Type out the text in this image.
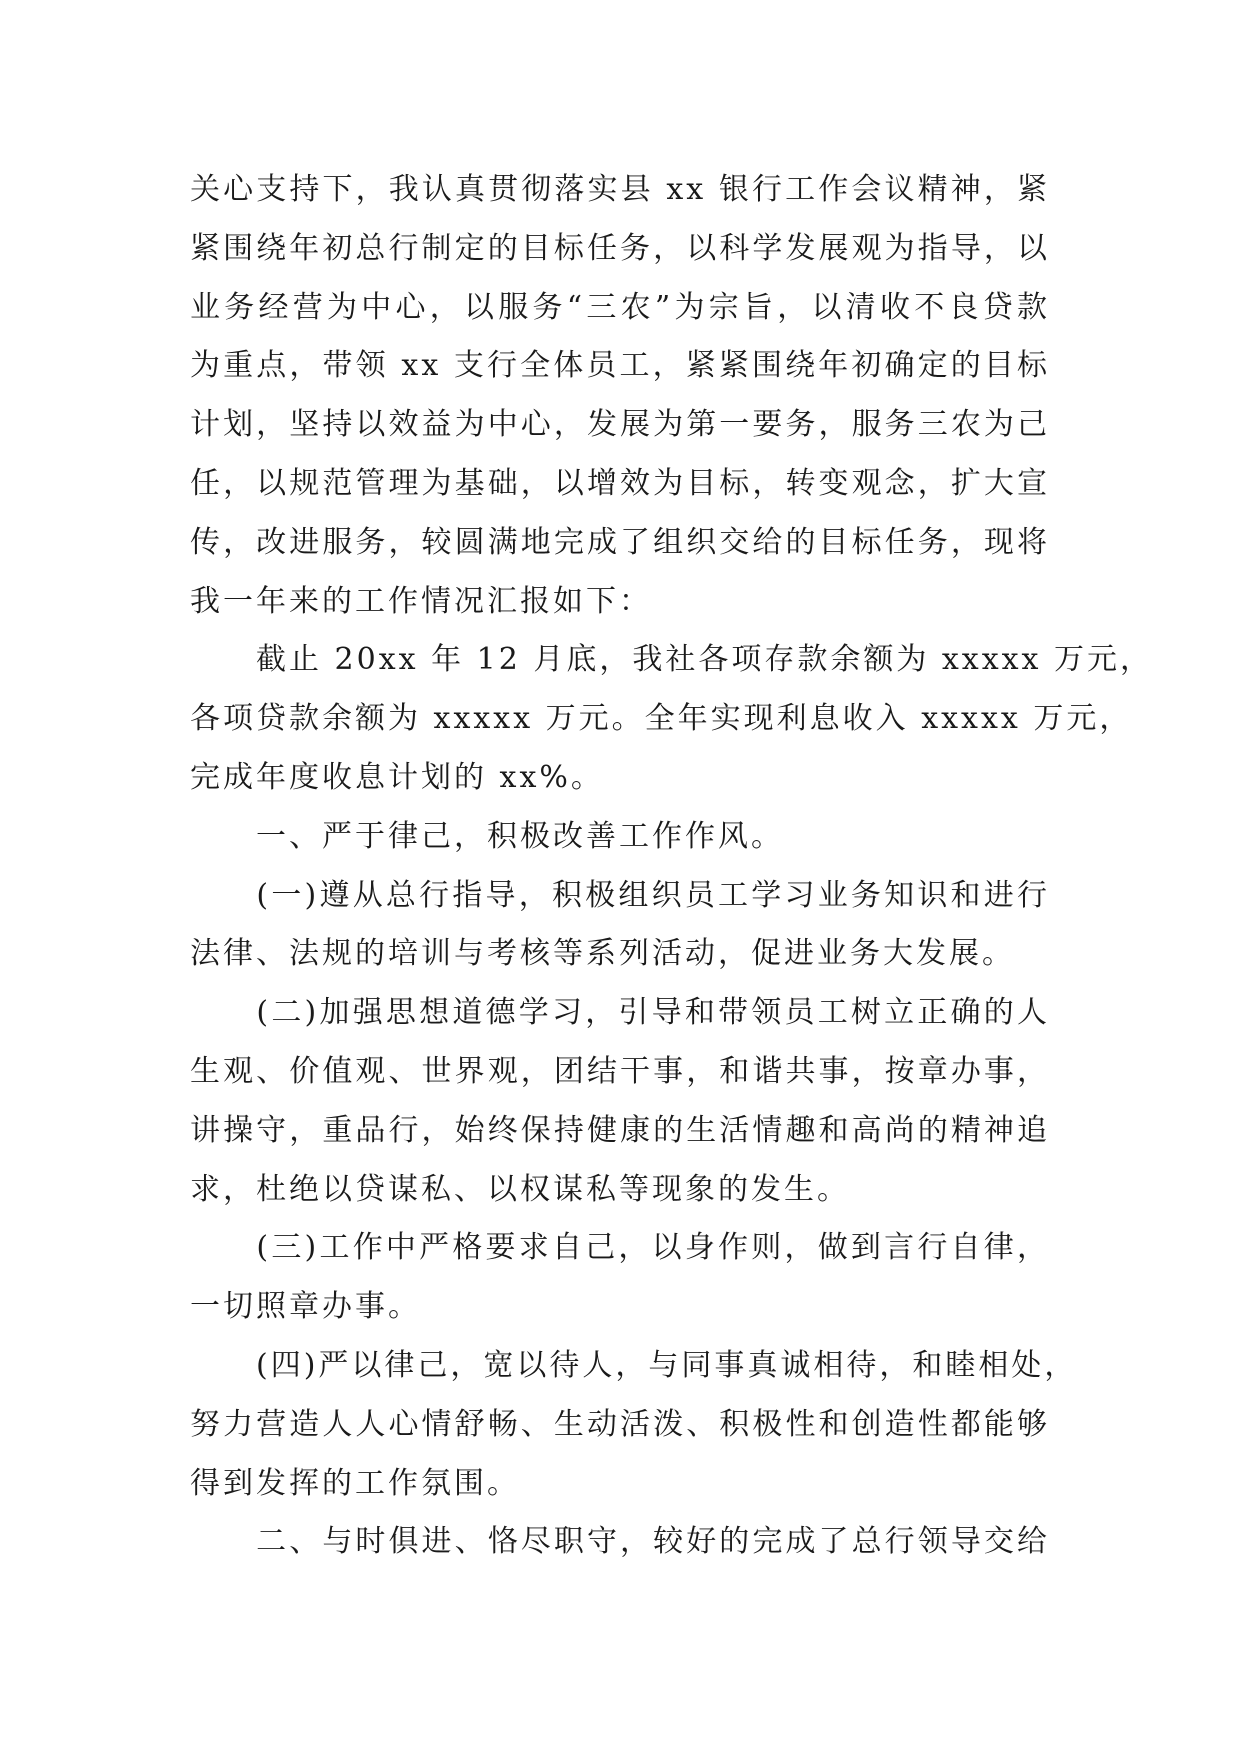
关心支持下，我认真贯彻落实县 xx 银行工作会议精神，紧
紧围绕年初总行制定的目标任务，以科学发展观为指导，以
业务经营为中心，以服务“三农”为宗旨，以清收不良贷款
为重点，带领 xx 支行全体员工，紧紧围绕年初确定的目标
计划，坚持以效益为中心，发展为第一要务，服务三农为己
任，以规范管理为基础，以增效为目标，转变观念，扩大宣
传，改进服务，较圆满地完成了组织交给的目标任务，现将
我一年来的工作情况汇报如下：
　　截止 20xx 年 12 月底，我社各项存款余额为 xxxxx 万元，
各项贷款余额为 xxxxx 万元。全年实现利息收入 xxxxx 万元，
完成年度收息计划的 xx%。
　　一、严于律己，积极改善工作作风。
　　(一)遵从总行指导，积极组织员工学习业务知识和进行
法律、法规的培训与考核等系列活动，促进业务大发展。
　　(二)加强思想道德学习，引导和带领员工树立正确的人
生观、价值观、世界观，团结干事，和谐共事，按章办事，
讲操守，重品行，始终保持健康的生活情趣和高尚的精神追
求，杜绝以贷谋私、以权谋私等现象的发生。
　　(三)工作中严格要求自己，以身作则，做到言行自律，
一切照章办事。
　　(四)严以律己，宽以待人，与同事真诚相待，和睦相处，
努力营造人人心情舒畅、生动活泼、积极性和创造性都能够
得到发挥的工作氛围。
　　二、与时俱进、恪尽职守，较好的完成了总行领导交给
